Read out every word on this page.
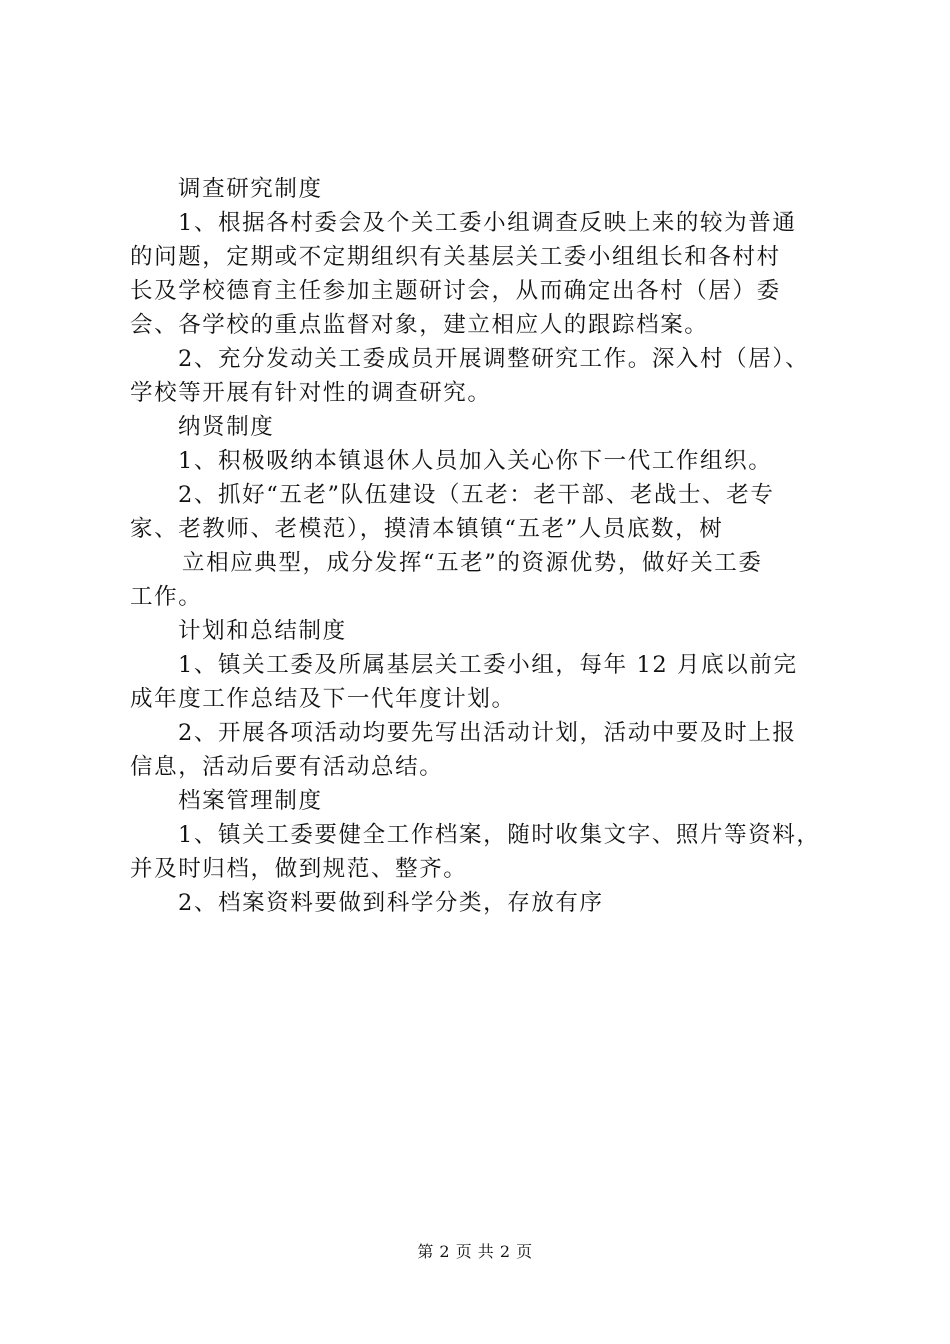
调查研究制度
1、根据各村委会及个关工委小组调查反映上来的较为普通
的问题，定期或不定期组织有关基层关工委小组组长和各村村
长及学校德育主任参加主题研讨会，从而确定出各村（居）委
会、各学校的重点监督对象，建立相应人的跟踪档案。
2、充分发动关工委成员开展调整研究工作。深入村（居）、
学校等开展有针对性的调查研究。
纳贤制度
1、积极吸纳本镇退休人员加入关心你下一代工作组织。
2、抓好“五老”队伍建设（五老：老干部、老战士、老专
家、老教师、老模范），摸清本镇镇“五老”人员底数，树
立相应典型，成分发挥“五老”的资源优势，做好关工委
工作。
计划和总结制度
1、镇关工委及所属基层关工委小组，每年 12 月底以前完
成年度工作总结及下一代年度计划。
2、开展各项活动均要先写出活动计划，活动中要及时上报
信息，活动后要有活动总结。
档案管理制度
1、镇关工委要健全工作档案，随时收集文字、照片等资料，
并及时归档，做到规范、整齐。
2、档案资料要做到科学分类，存放有序
第 2 页 共 2 页
